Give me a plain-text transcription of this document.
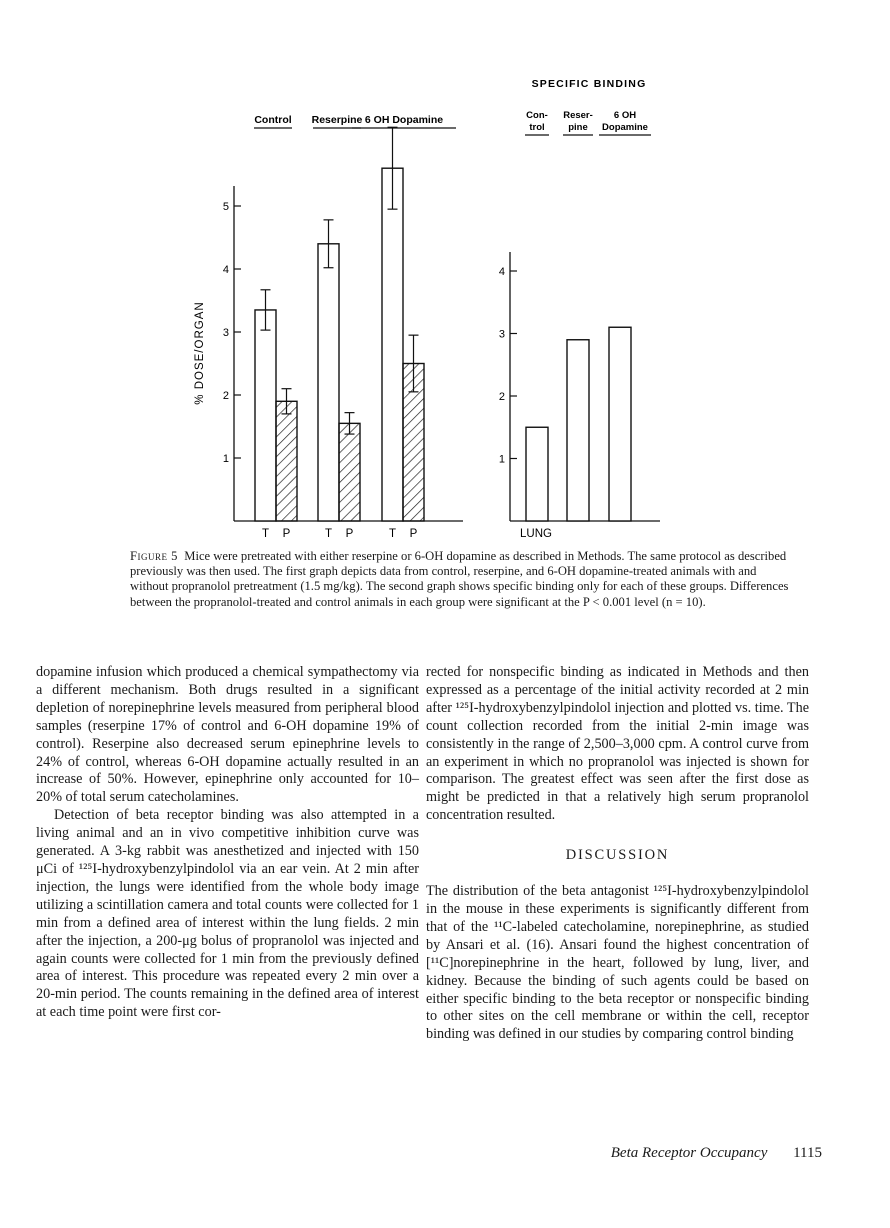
1
2
3
4
5
% DOSE/ORGAN
Control Reserpine 6 OH Dopamine
T P	T P	T P
SPECIFIC BINDING
1
2
3
4
Con-
trol
Reser-
pine
6 OH
Dopamine
LUNG
Figure 5 Mice were pretreated with either reserpine or 6-OH dopamine as described in Methods. The same protocol as described previously was then used. The first graph depicts data from control, reserpine, and 6-OH dopamine-treated animals with and without propranolol pretreatment (1.5 mg/kg). The second graph shows specific binding only for each of these groups. Differences between the propranolol-treated and control animals in each group were significant at the P < 0.001 level (n = 10).

dopamine infusion which produced a chemical sympathectomy via a different mechanism. Both drugs resulted in a significant depletion of norepinephrine levels measured from peripheral blood samples (reserpine 17% of control and 6-OH dopamine 19% of control). Reserpine also decreased serum epinephrine levels to 24% of control, whereas 6-OH dopamine actually resulted in an increase of 50%. However, epinephrine only accounted for 10–20% of total serum catecholamines.

Detection of beta receptor binding was also attempted in a living animal and an in vivo competitive inhibition curve was generated. A 3-kg rabbit was anesthetized and injected with 150 μCi of ¹²⁵I-hydroxybenzylpindolol via an ear vein. At 2 min after injection, the lungs were identified from the whole body image utilizing a scintillation camera and total counts were collected for 1 min from a defined area of interest within the lung fields. 2 min after the injection, a 200-μg bolus of propranolol was injected and again counts were collected for 1 min from the previously defined area of interest. This procedure was repeated every 2 min over a 20-min period. The counts remaining in the defined area of interest at each time point were first cor-

rected for nonspecific binding as indicated in Methods and then expressed as a percentage of the initial activity recorded at 2 min after ¹²⁵I-hydroxybenzylpindolol injection and plotted vs. time. The count collection recorded from the initial 2-min image was consistently in the range of 2,500–3,000 cpm. A control curve from an experiment in which no propranolol was injected is shown for comparison. The greatest effect was seen after the first dose as might be predicted in that a relatively high serum propranolol concentration resulted.

DISCUSSION

The distribution of the beta antagonist ¹²⁵I-hydroxybenzylpindolol in the mouse in these experiments is significantly different from that of the ¹¹C-labeled catecholamine, norepinephrine, as studied by Ansari et al. (16). Ansari found the highest concentration of [¹¹C]norepinephrine in the heart, followed by lung, liver, and kidney. Because the binding of such agents could be based on either specific binding to the beta receptor or nonspecific binding to other sites on the cell membrane or within the cell, receptor binding was defined in our studies by comparing control binding

Beta Receptor Occupancy 1115
